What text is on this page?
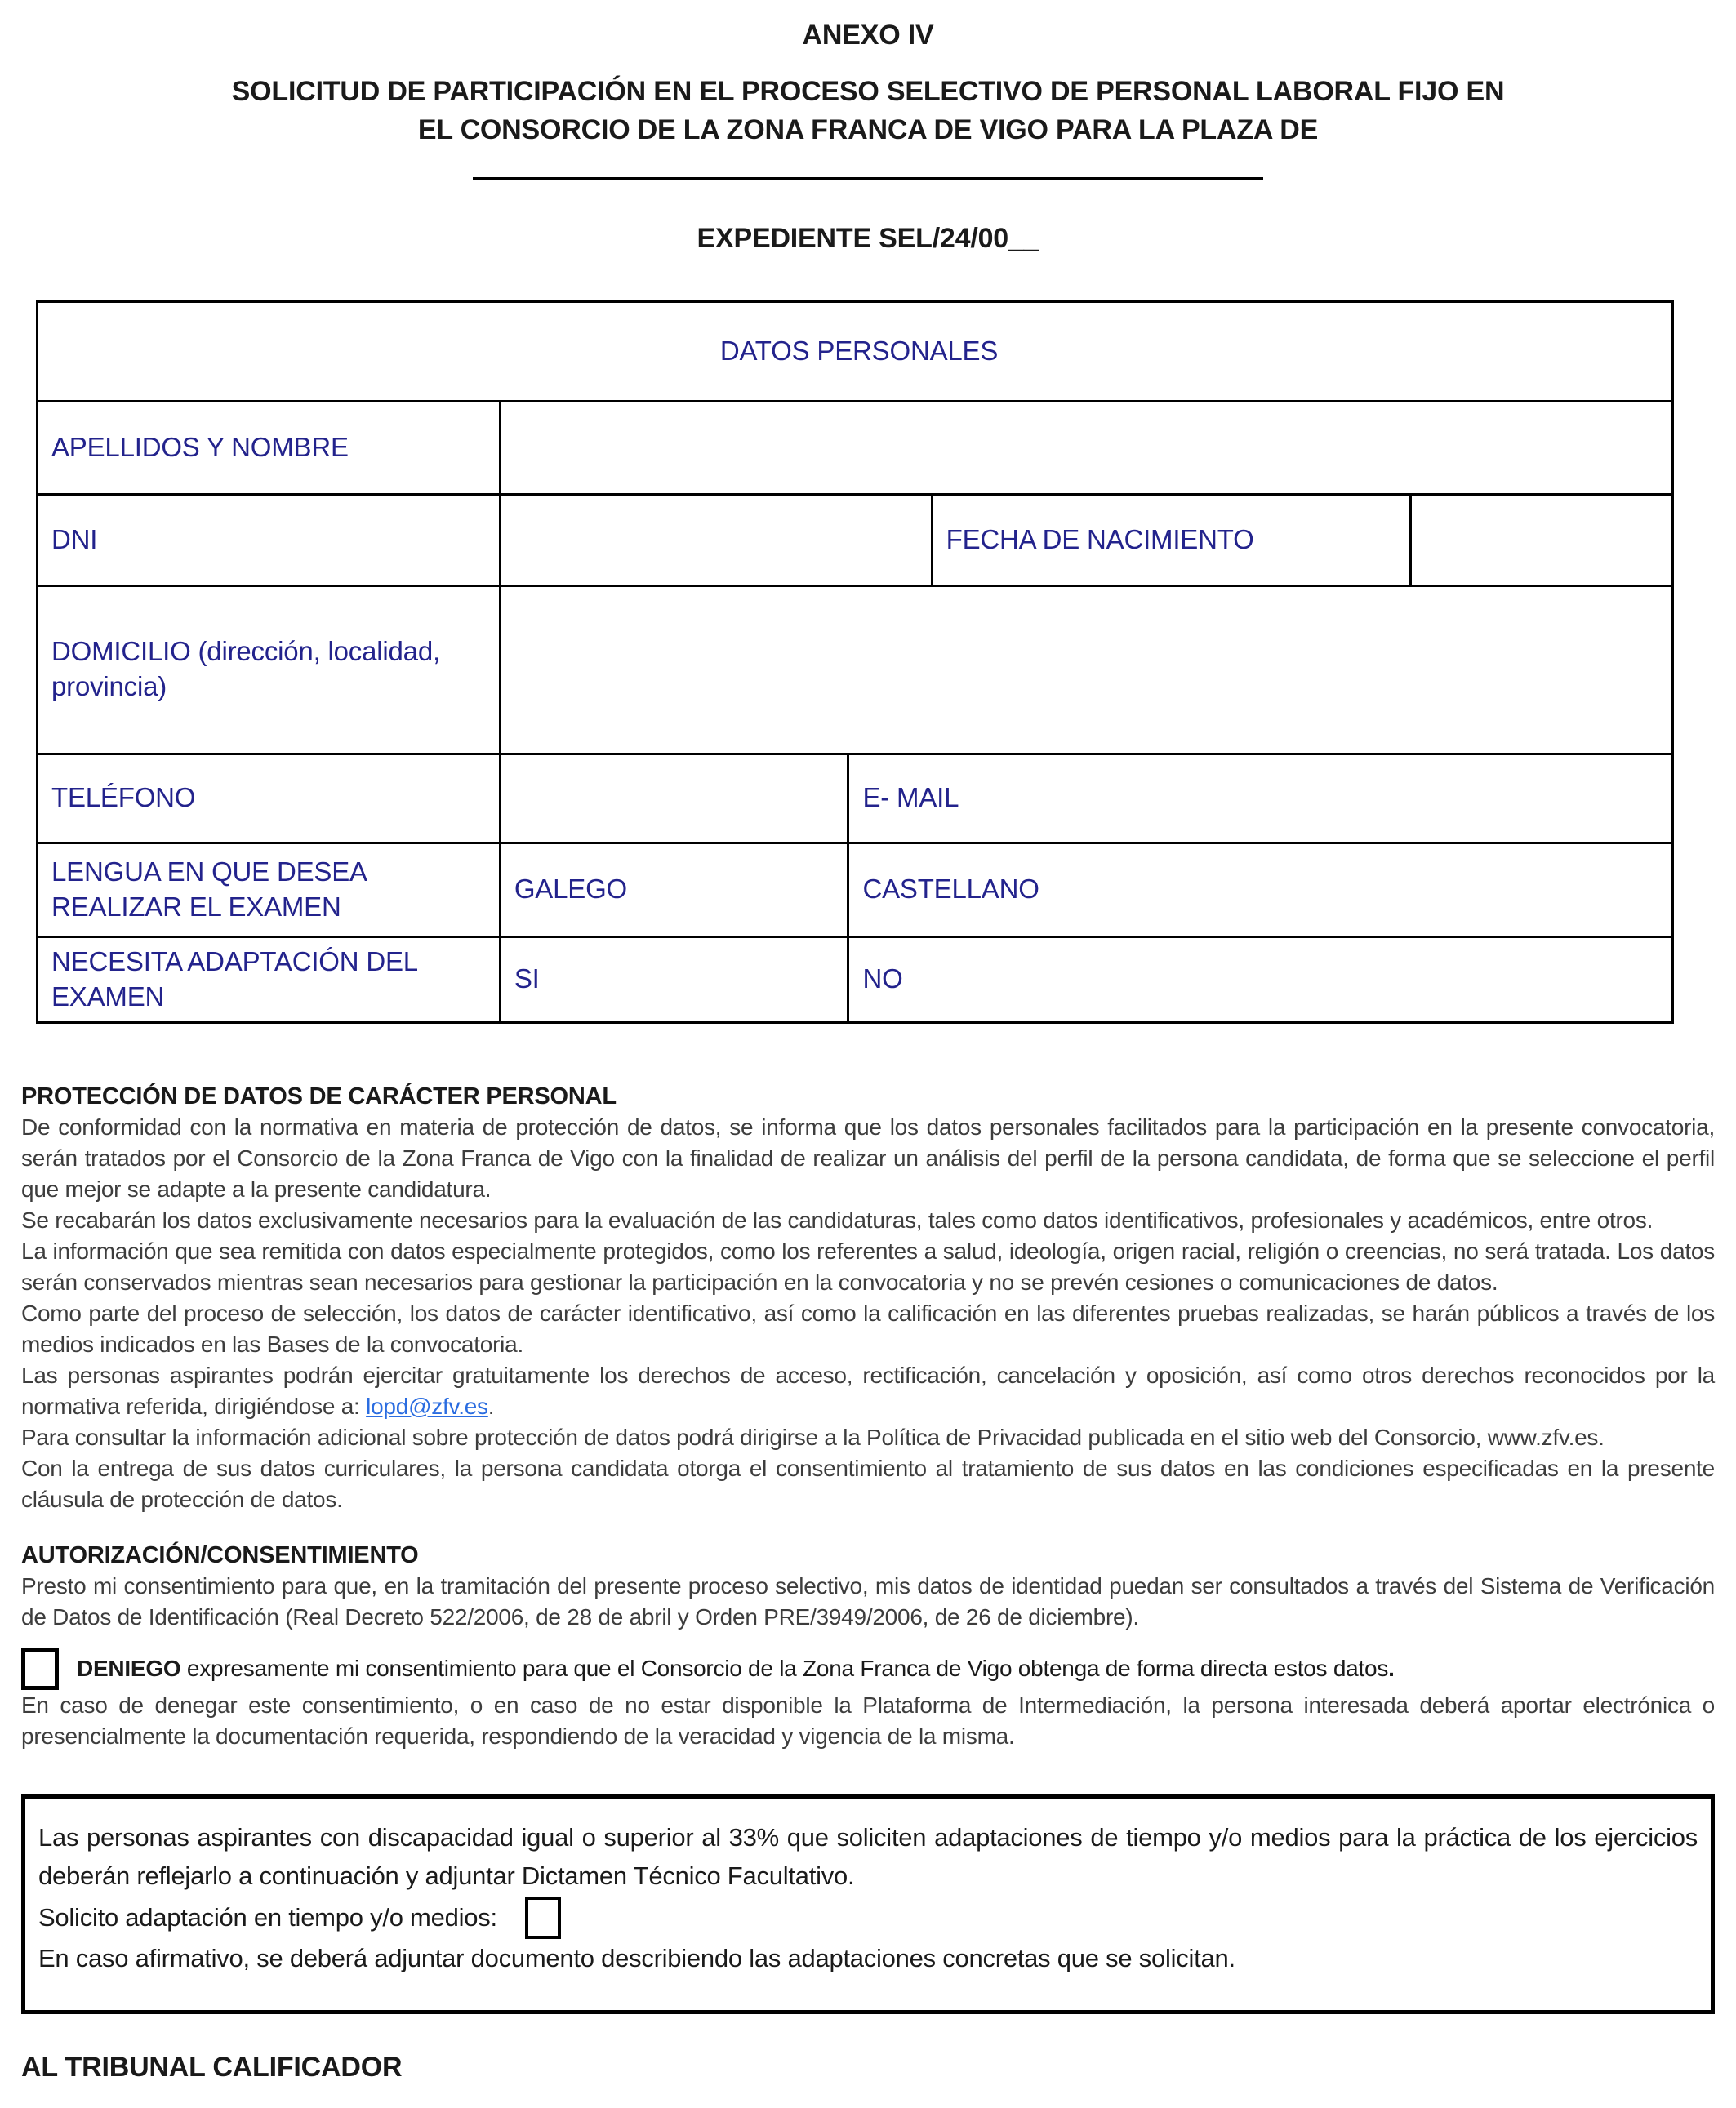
ANEXO IV
SOLICITUD DE PARTICIPACIÓN EN EL PROCESO SELECTIVO DE PERSONAL LABORAL FIJO EN EL CONSORCIO DE LA ZONA FRANCA DE VIGO PARA LA PLAZA DE
EXPEDIENTE SEL/24/00__
DATOS PERSONALES				
APELLIDOS Y NOMBRE				
DNI			FECHA DE NACIMIENTO	
DOMICILIO (dirección, localidad, provincia)				
TELÉFONO		E- MAIL		
LENGUA EN QUE DESEA REALIZAR EL EXAMEN	GALEGO	CASTELLANO		
NECESITA ADAPTACIÓN DEL EXAMEN	SI	NO		
PROTECCIÓN DE DATOS DE CARÁCTER PERSONAL

De conformidad con la normativa en materia de protección de datos, se informa que los datos personales facilitados para la participación en la presente convocatoria, serán tratados por el Consorcio de la Zona Franca de Vigo con la finalidad de realizar un análisis del perfil de la persona candidata, de forma que se seleccione el perfil que mejor se adapte a la presente candidatura.

Se recabarán los datos exclusivamente necesarios para la evaluación de las candidaturas, tales como datos identificativos, profesionales y académicos, entre otros.

La información que sea remitida con datos especialmente protegidos, como los referentes a salud, ideología, origen racial, religión o creencias, no será tratada. Los datos serán conservados mientras sean necesarios para gestionar la participación en la convocatoria y no se prevén cesiones o comunicaciones de datos.

Como parte del proceso de selección, los datos de carácter identificativo, así como la calificación en las diferentes pruebas realizadas, se harán públicos a través de los medios indicados en las Bases de la convocatoria.

Las personas aspirantes podrán ejercitar gratuitamente los derechos de acceso, rectificación, cancelación y oposición, así como otros derechos reconocidos por la normativa referida, dirigiéndose a: lopd@zfv.es.

Para consultar la información adicional sobre protección de datos podrá dirigirse a la Política de Privacidad publicada en el sitio web del Consorcio, www.zfv.es.

Con la entrega de sus datos curriculares, la persona candidata otorga el consentimiento al tratamiento de sus datos en las condiciones especificadas en la presente cláusula de protección de datos.

AUTORIZACIÓN/CONSENTIMIENTO

Presto mi consentimiento para que, en la tramitación del presente proceso selectivo, mis datos de identidad puedan ser consultados a través del Sistema de Verificación de Datos de Identificación (Real Decreto 522/2006, de 28 de abril y Orden PRE/3949/2006, de 26 de diciembre).

DENIEGO expresamente mi consentimiento para que el Consorcio de la Zona Franca de Vigo obtenga de forma directa estos datos.

En caso de denegar este consentimiento, o en caso de no estar disponible la Plataforma de Intermediación, la persona interesada deberá aportar electrónica o presencialmente la documentación requerida, respondiendo de la veracidad y vigencia de la misma.

Las personas aspirantes con discapacidad igual o superior al 33% que soliciten adaptaciones de tiempo y/o medios para la práctica de los ejercicios deberán reflejarlo a continuación y adjuntar Dictamen Técnico Facultativo.

Solicito adaptación en tiempo y/o medios:

En caso afirmativo, se deberá adjuntar documento describiendo las adaptaciones concretas que se solicitan.

AL TRIBUNAL CALIFICADOR
